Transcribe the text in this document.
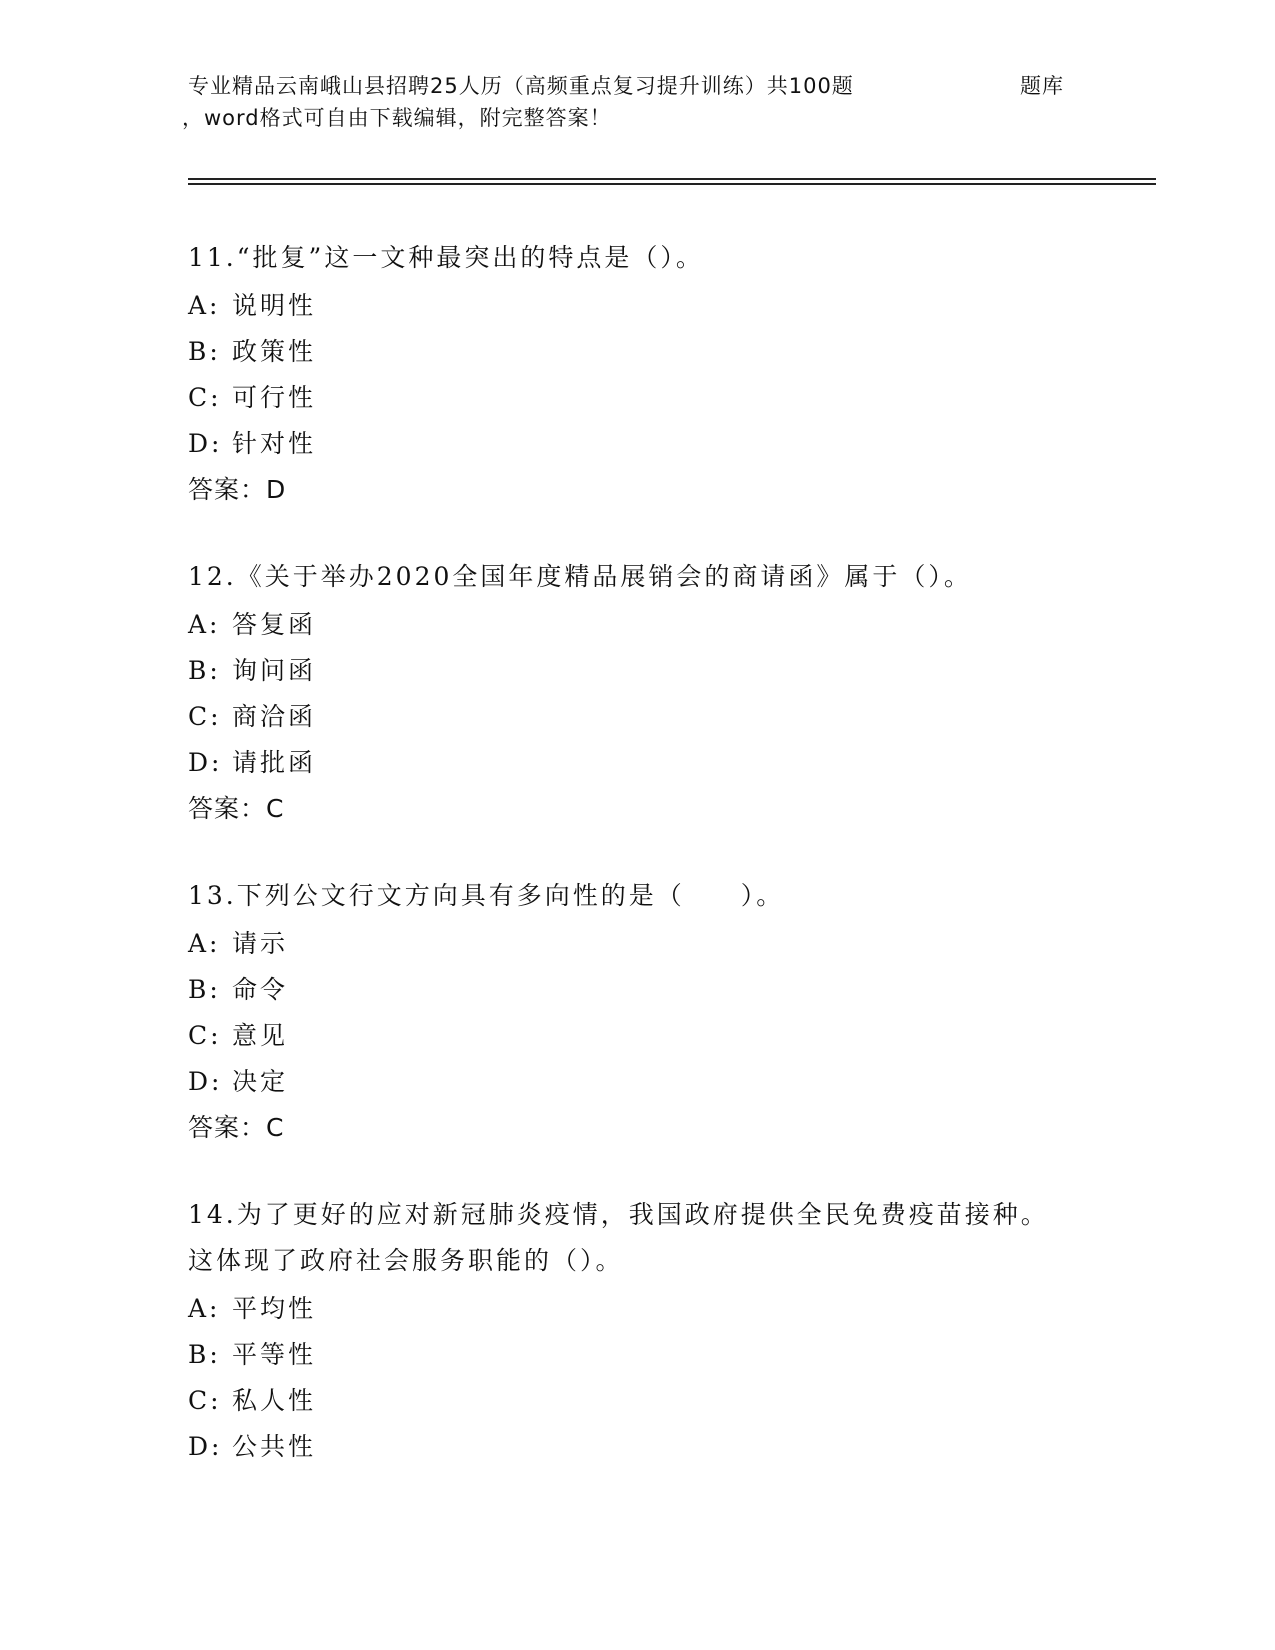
专业精品云南峨山县招聘25人历（高频重点复习提升训练）共100题	题库
，word格式可自由下载编辑，附完整答案！
11.“批复”这一文种最突出的特点是（）。
A: 说明性
B: 政策性
C: 可行性
D: 针对性
答案：D
12.《关于举办2020全国年度精品展销会的商请函》属于（）。
A: 答复函
B: 询问函
C: 商洽函
D: 请批函
答案：C
13.下列公文行文方向具有多向性的是（　　）。
A: 请示
B: 命令
C: 意见
D: 决定
答案：C
14.为了更好的应对新冠肺炎疫情，我国政府提供全民免费疫苗接种。
这体现了政府社会服务职能的（）。
A: 平均性
B: 平等性
C: 私人性
D: 公共性
